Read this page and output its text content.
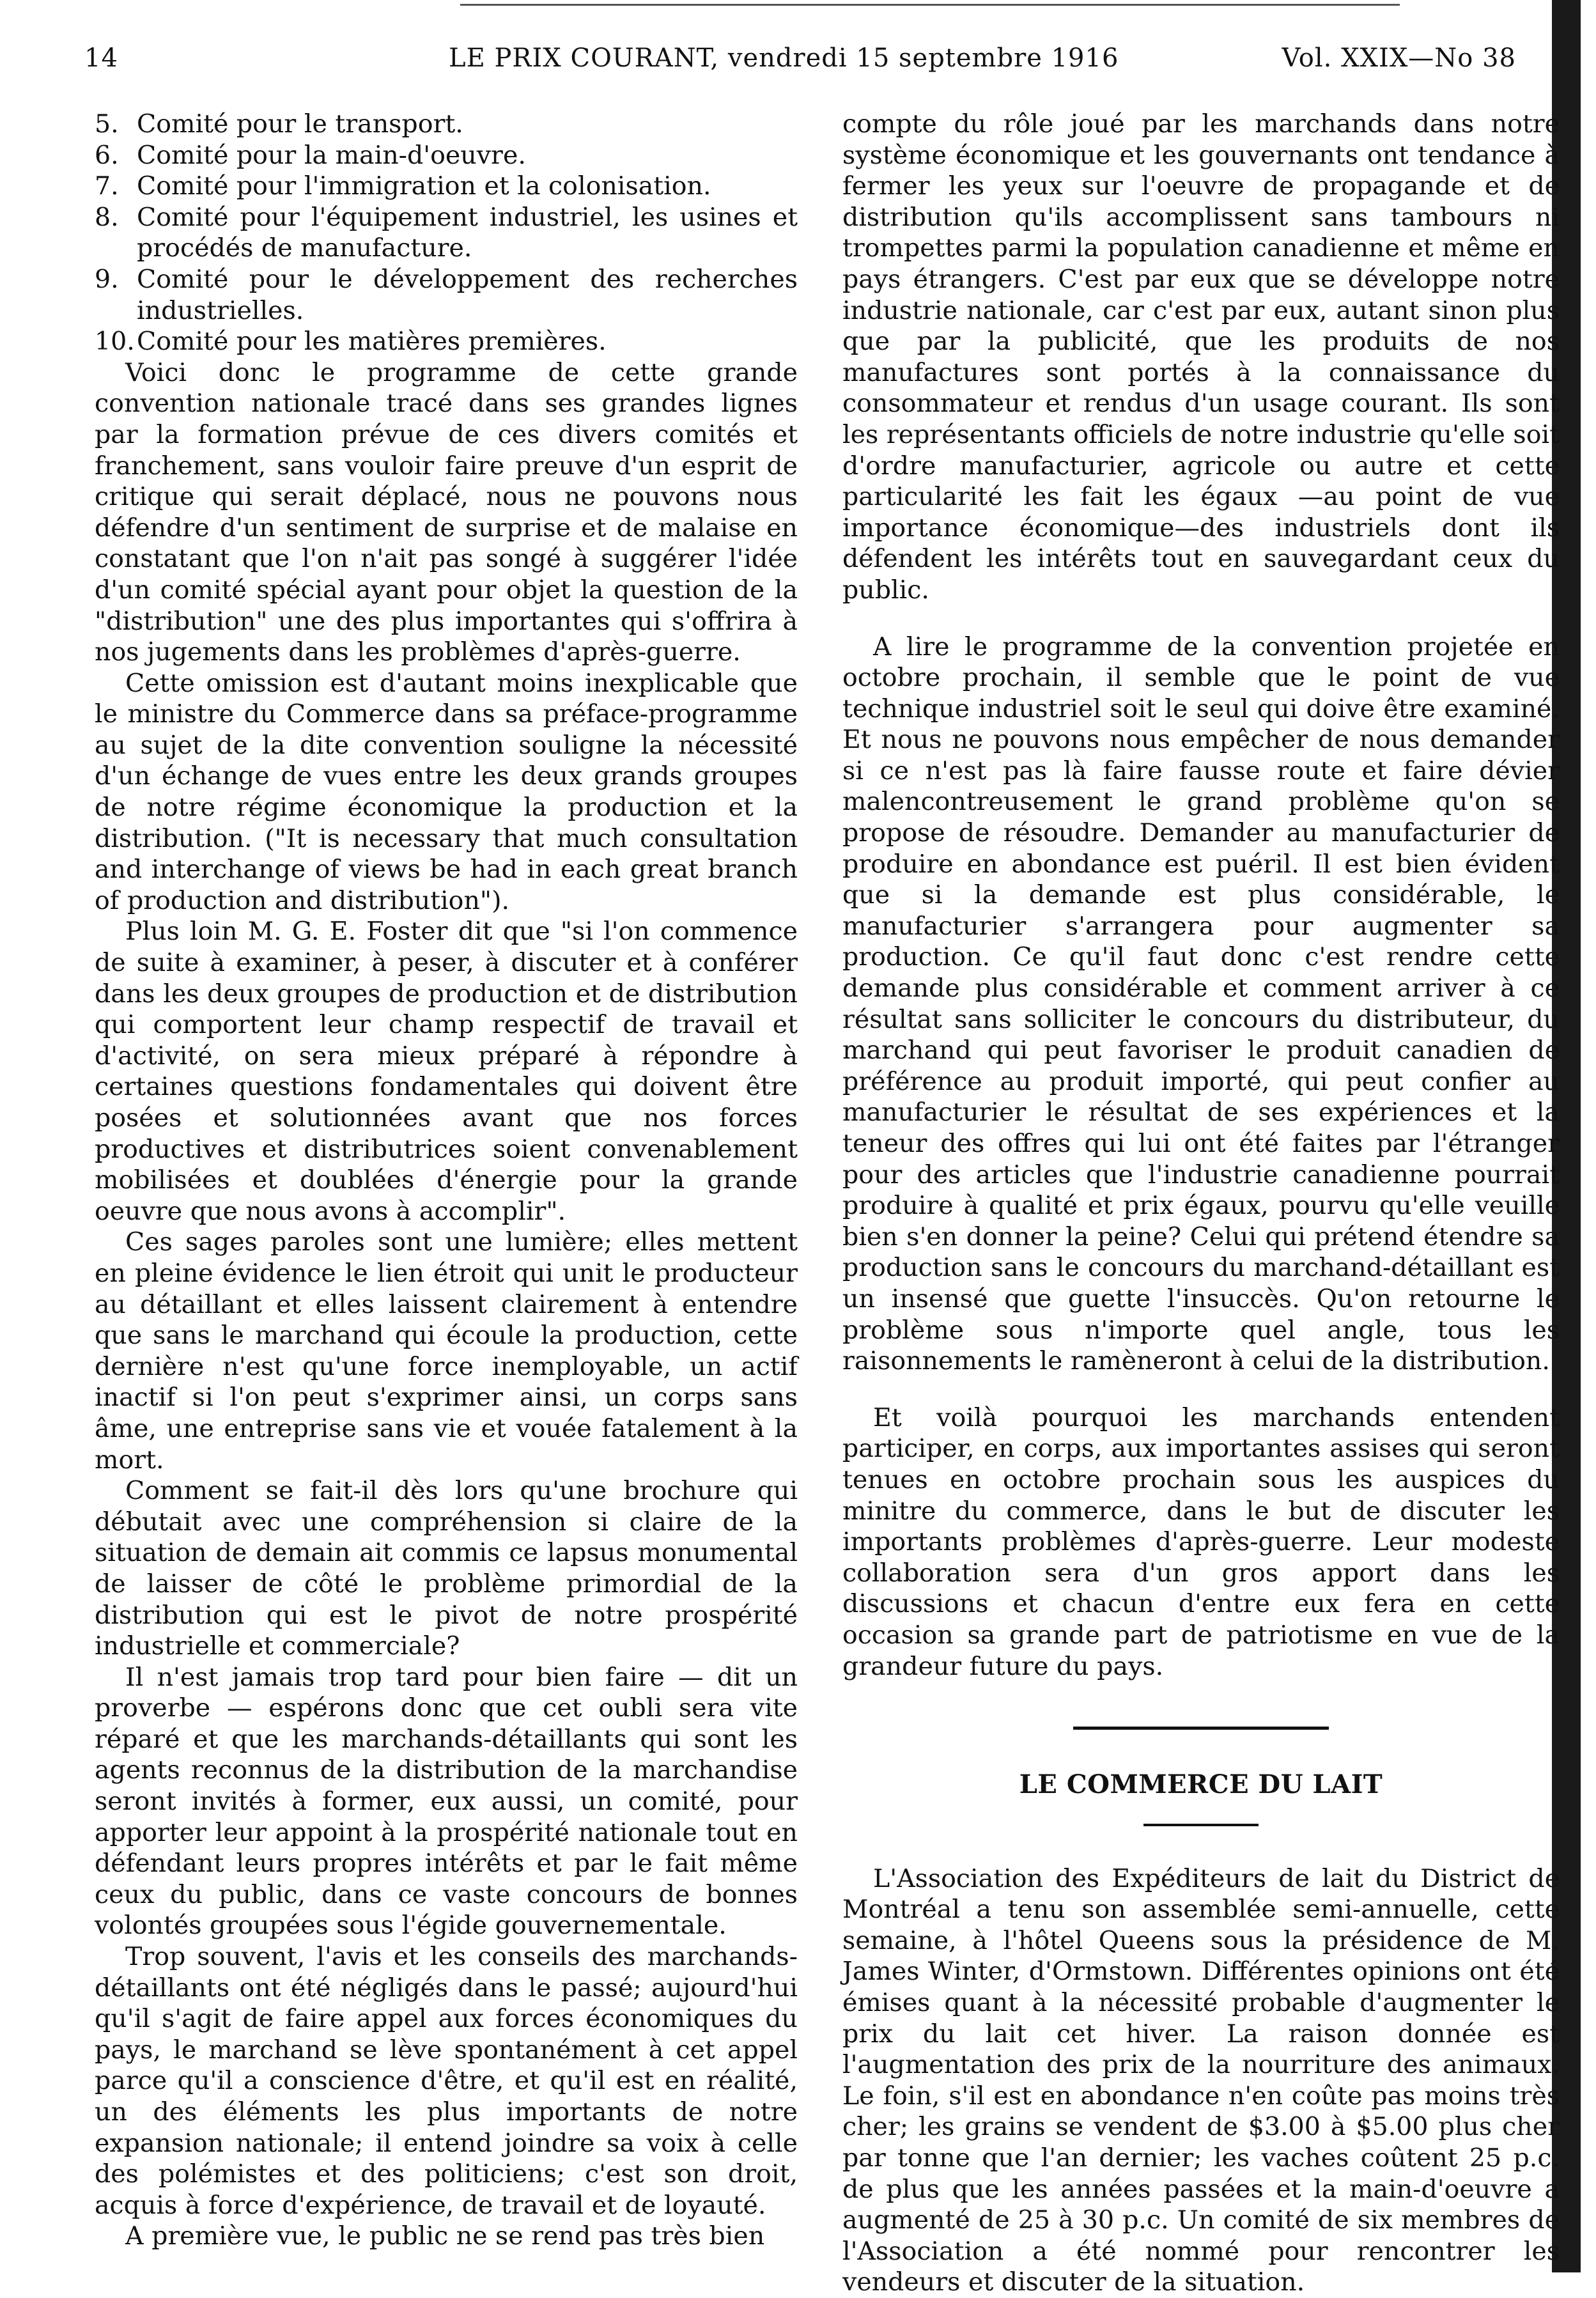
14	LE PRIX COURANT, vendredi 15 septembre 1916	Vol. XXIX—No 38
5. Comité pour le transport.
6. Comité pour la main-d'oeuvre.
7. Comité pour l'immigration et la colonisation.
8. Comité pour l'équipement industriel, les usines et procédés de manufacture.
9. Comité pour le développement des recherches industrielles.
10.Comité pour les matières premières.

Voici donc le programme de cette grande convention nationale tracé dans ses grandes lignes par la formation prévue de ces divers comités et franchement, sans vouloir faire preuve d'un esprit de critique qui serait déplacé, nous ne pouvons nous défendre d'un sentiment de surprise et de malaise en constatant que l'on n'ait pas songé à suggérer l'idée d'un comité spécial ayant pour objet la question de la "distribution" une des plus importantes qui s'offrira à nos jugements dans les problèmes d'après-guerre.

Cette omission est d'autant moins inexplicable que le ministre du Commerce dans sa préface-programme au sujet de la dite convention souligne la nécessité d'un échange de vues entre les deux grands groupes de notre régime économique la production et la distribution. ("It is necessary that much consultation and interchange of views be had in each great branch of production and distribution").

Plus loin M. G. E. Foster dit que "si l'on commence de suite à examiner, à peser, à discuter et à conférer dans les deux groupes de production et de distribution qui comportent leur champ respectif de travail et d'activité, on sera mieux préparé à répondre à certaines questions fondamentales qui doivent être posées et solutionnées avant que nos forces productives et distributrices soient convenablement mobilisées et doublées d'énergie pour la grande oeuvre que nous avons à accomplir".

Ces sages paroles sont une lumière; elles mettent en pleine évidence le lien étroit qui unit le producteur au détaillant et elles laissent clairement à entendre que sans le marchand qui écoule la production, cette dernière n'est qu'une force inemployable, un actif inactif si l'on peut s'exprimer ainsi, un corps sans âme, une entreprise sans vie et vouée fatalement à la mort.

Comment se fait-il dès lors qu'une brochure qui débutait avec une compréhension si claire de la situation de demain ait commis ce lapsus monumental de laisser de côté le problème primordial de la distribution qui est le pivot de notre prospérité industrielle et commerciale?

Il n'est jamais trop tard pour bien faire — dit un proverbe — espérons donc que cet oubli sera vite réparé et que les marchands-détaillants qui sont les agents reconnus de la distribution de la marchandise seront invités à former, eux aussi, un comité, pour apporter leur appoint à la prospérité nationale tout en défendant leurs propres intérêts et par le fait même ceux du public, dans ce vaste concours de bonnes volontés groupées sous l'égide gouvernementale.

Trop souvent, l'avis et les conseils des marchands-détaillants ont été négligés dans le passé; aujourd'hui qu'il s'agit de faire appel aux forces économiques du pays, le marchand se lève spontanément à cet appel parce qu'il a conscience d'être, et qu'il est en réalité, un des éléments les plus importants de notre expansion nationale; il entend joindre sa voix à celle des polémistes et des politiciens; c'est son droit, acquis à force d'expérience, de travail et de loyauté.

A première vue, le public ne se rend pas très bien

compte du rôle joué par les marchands dans notre système économique et les gouvernants ont tendance à fermer les yeux sur l'oeuvre de propagande et de distribution qu'ils accomplissent sans tambours ni trompettes parmi la population canadienne et même en pays étrangers. C'est par eux que se développe notre industrie nationale, car c'est par eux, autant sinon plus que par la publicité, que les produits de nos manufactures sont portés à la connaissance du consommateur et rendus d'un usage courant. Ils sont les représentants officiels de notre industrie qu'elle soit d'ordre manufacturier, agricole ou autre et cette particularité les fait les égaux —au point de vue importance économique—des industriels dont ils défendent les intérêts tout en sauvegardant ceux du public.

A lire le programme de la convention projetée en octobre prochain, il semble que le point de vue technique industriel soit le seul qui doive être examiné. Et nous ne pouvons nous empêcher de nous demander si ce n'est pas là faire fausse route et faire dévier malencontreusement le grand problème qu'on se propose de résoudre. Demander au manufacturier de produire en abondance est puéril. Il est bien évident que si la demande est plus considérable, le manufacturier s'arrangera pour augmenter sa production. Ce qu'il faut donc c'est rendre cette demande plus considérable et comment arriver à ce résultat sans solliciter le concours du distributeur, du marchand qui peut favoriser le produit canadien de préférence au produit importé, qui peut confier au manufacturier le résultat de ses expériences et la teneur des offres qui lui ont été faites par l'étranger pour des articles que l'industrie canadienne pourrait produire à qualité et prix égaux, pourvu qu'elle veuille bien s'en donner la peine? Celui qui prétend étendre sa production sans le concours du marchand-détaillant est un insensé que guette l'insuccès. Qu'on retourne le problème sous n'importe quel angle, tous les raisonnements le ramèneront à celui de la distribution.

Et voilà pourquoi les marchands entendent participer, en corps, aux importantes assises qui seront tenues en octobre prochain sous les auspices du minitre du commerce, dans le but de discuter les importants problèmes d'après-guerre. Leur modeste collaboration sera d'un gros apport dans les discussions et chacun d'entre eux fera en cette occasion sa grande part de patriotisme en vue de la grandeur future du pays.

LE COMMERCE DU LAIT

L'Association des Expéditeurs de lait du District de Montréal a tenu son assemblée semi-annuelle, cette semaine, à l'hôtel Queens sous la présidence de M. James Winter, d'Ormstown. Différentes opinions ont été émises quant à la nécessité probable d'augmenter le prix du lait cet hiver. La raison donnée est l'augmentation des prix de la nourriture des animaux. Le foin, s'il est en abondance n'en coûte pas moins très cher; les grains se vendent de $3.00 à $5.00 plus cher par tonne que l'an dernier; les vaches coûtent 25 p.c. de plus que les années passées et la main-d'oeuvre a augmenté de 25 à 30 p.c. Un comité de six membres de l'Association a été nommé pour rencontrer les vendeurs et discuter de la situation.
